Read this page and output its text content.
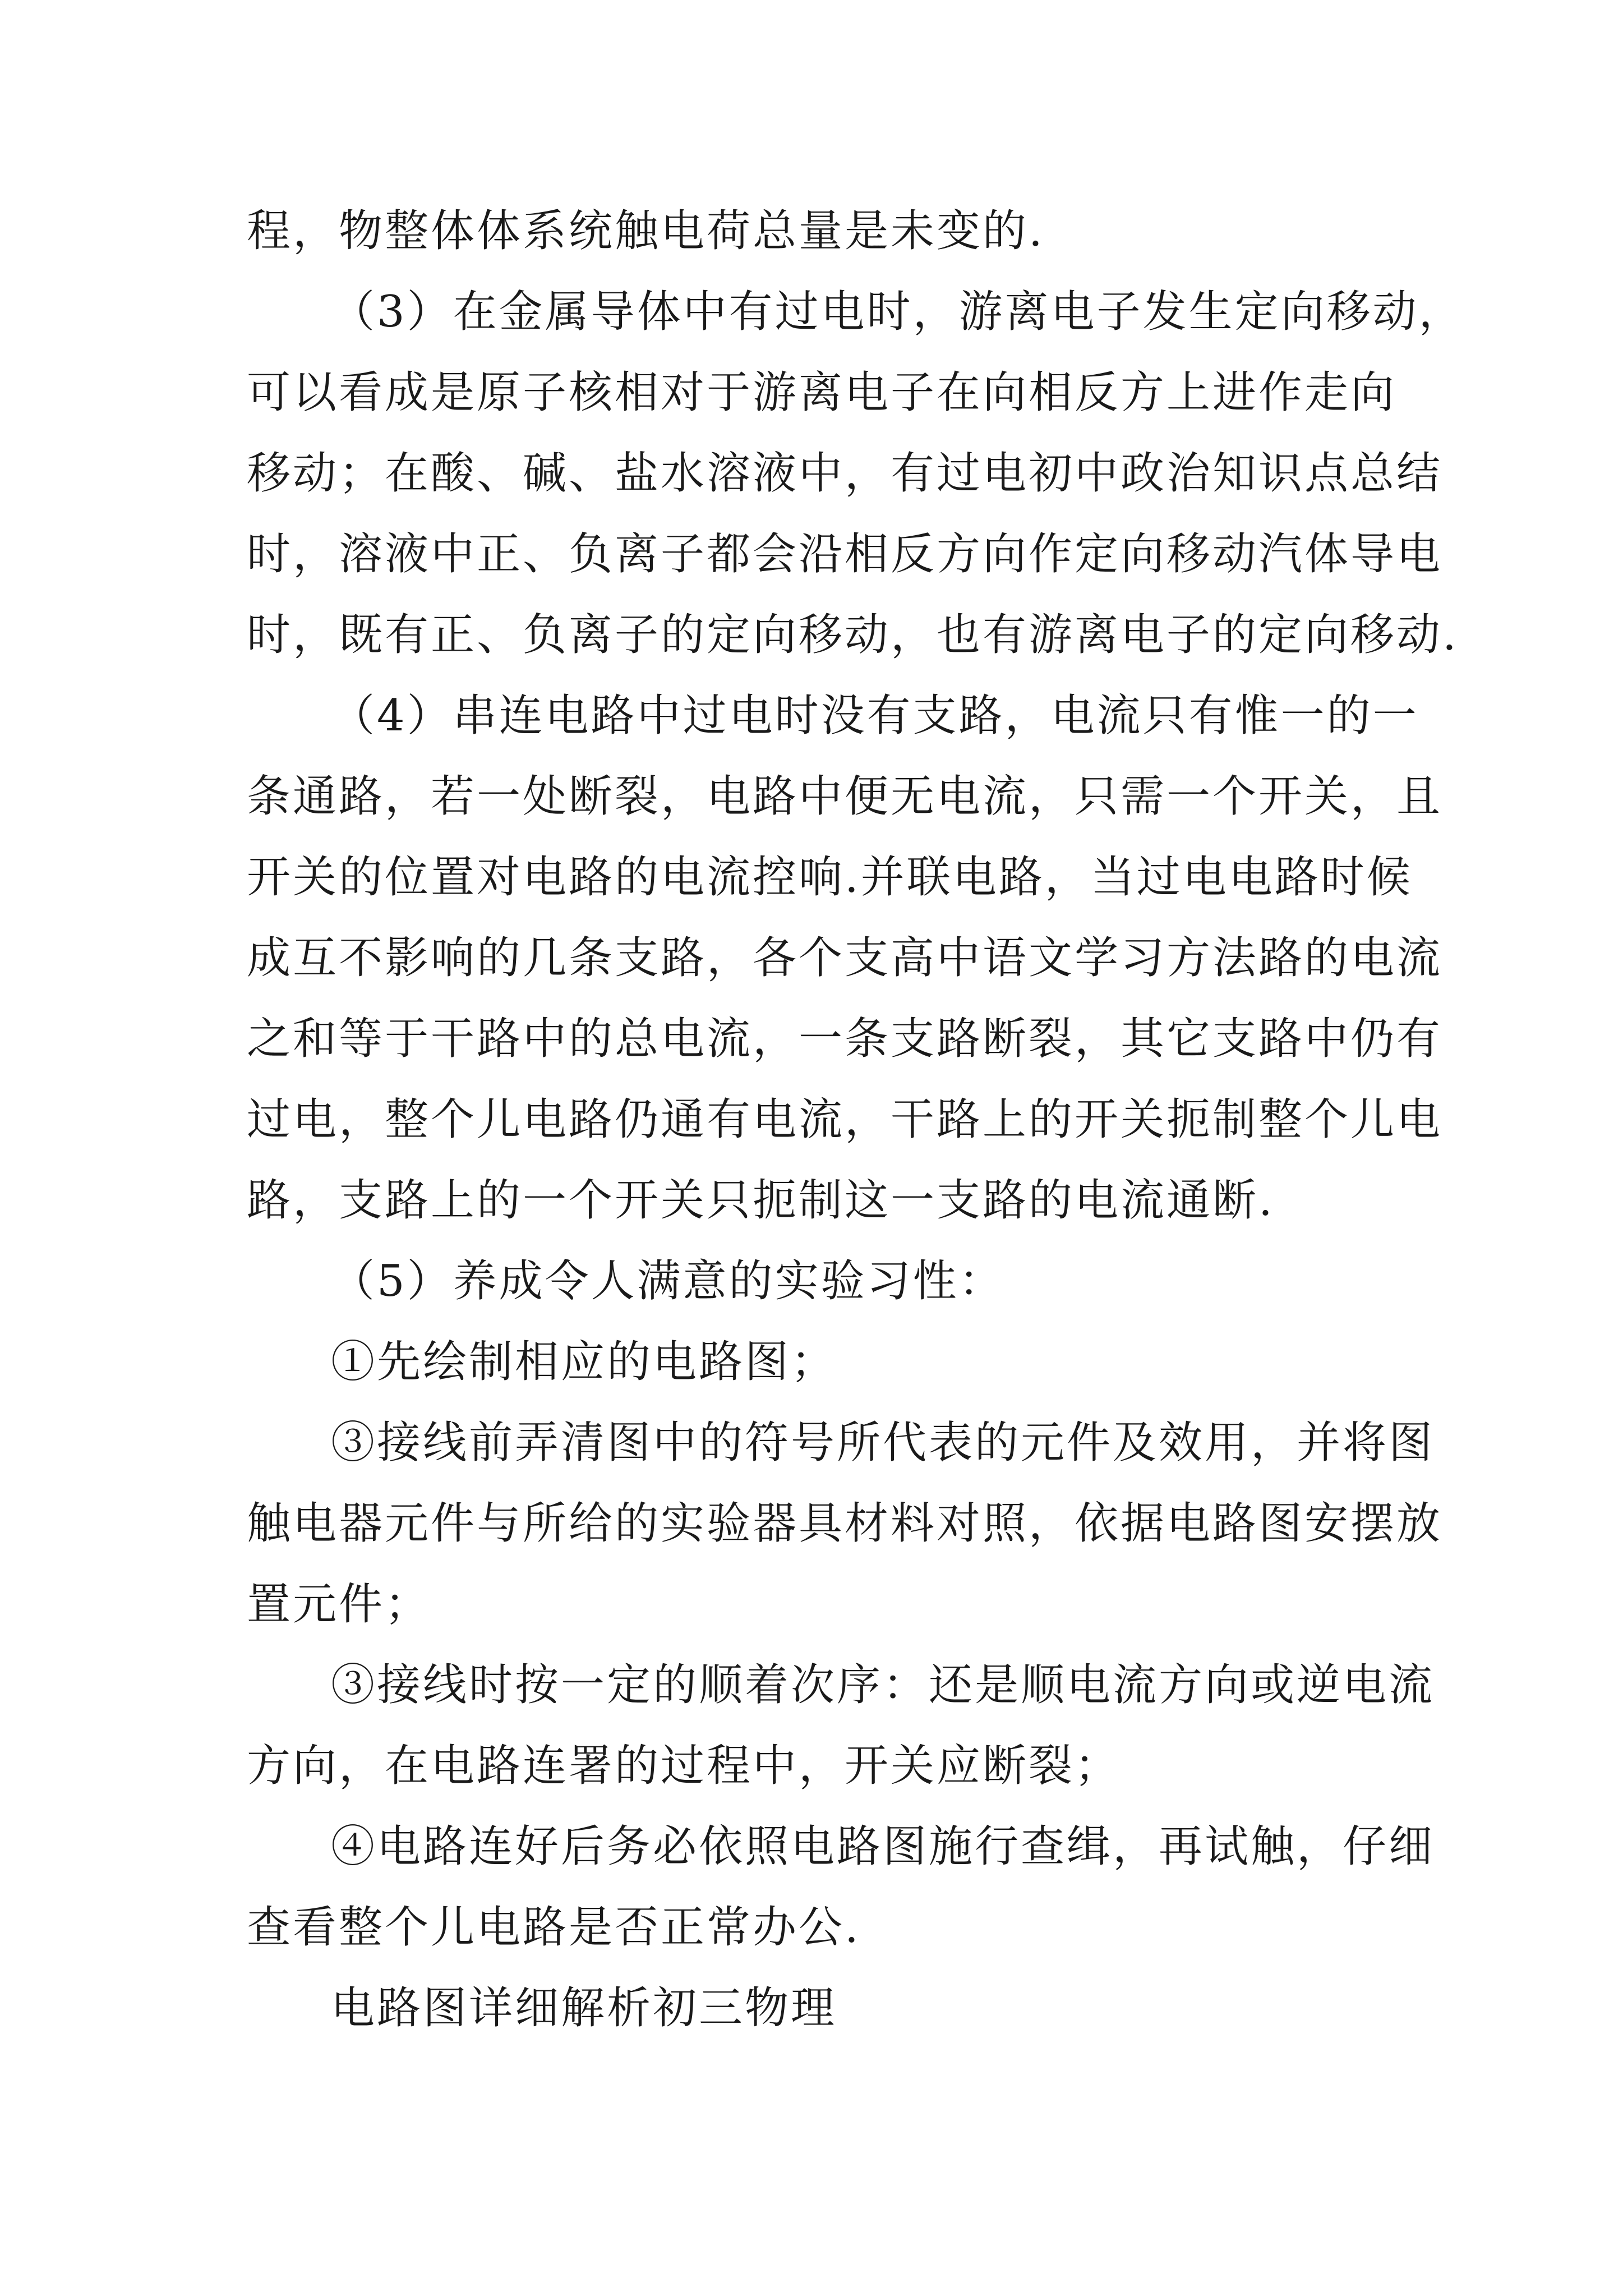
程，物整体体系统触电荷总量是未变的.
（3）在金属导体中有过电时，游离电子发生定向移动，
可以看成是原子核相对于游离电子在向相反方上进作走向
移动；在酸、碱、盐水溶液中，有过电初中政治知识点总结
时，溶液中正、负离子都会沿相反方向作定向移动汽体导电
时，既有正、负离子的定向移动，也有游离电子的定向移动.
（4）串连电路中过电时没有支路，电流只有惟一的一
条通路，若一处断裂，电路中便无电流，只需一个开关，且
开关的位置对电路的电流控响.并联电路，当过电电路时候
成互不影响的几条支路，各个支高中语文学习方法路的电流
之和等于干路中的总电流，一条支路断裂，其它支路中仍有
过电，整个儿电路仍通有电流，干路上的开关扼制整个儿电
路，支路上的一个开关只扼制这一支路的电流通断.
（5）养成令人满意的实验习性：
①先绘制相应的电路图；
③接线前弄清图中的符号所代表的元件及效用，并将图
触电器元件与所给的实验器具材料对照，依据电路图安摆放
置元件；
③接线时按一定的顺着次序：还是顺电流方向或逆电流
方向，在电路连署的过程中，开关应断裂；
④电路连好后务必依照电路图施行查缉，再试触，仔细
查看整个儿电路是否正常办公.
电路图详细解析初三物理
